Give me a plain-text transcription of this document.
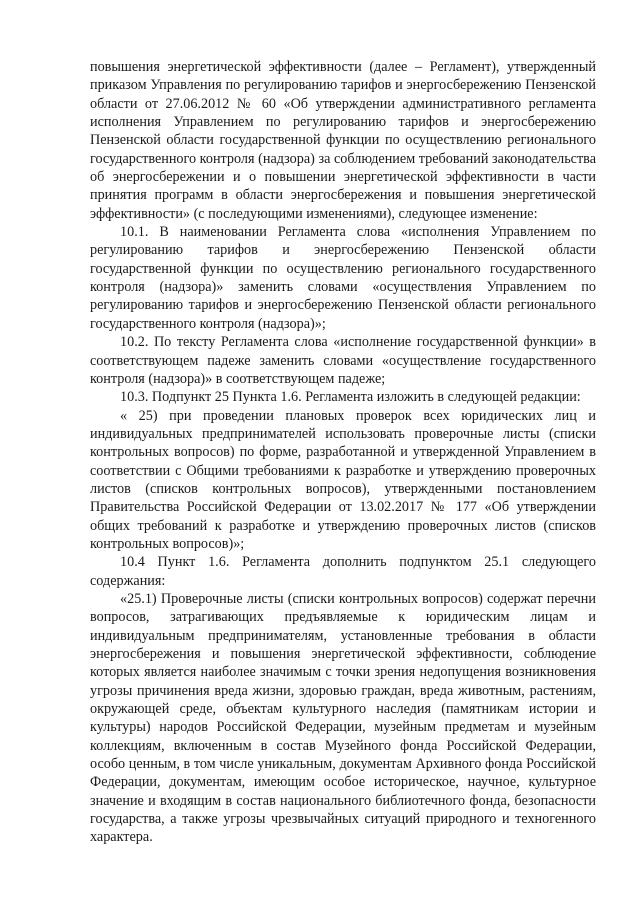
повышения энергетической эффективности (далее – Регламент), утвержденный приказом Управления по регулированию тарифов и энергосбережению Пензенской области от 27.06.2012 № 60 «Об утверждении административного регламента исполнения Управлением по регулированию тарифов и энергосбережению Пензенской области государственной функции по осуществлению регионального государственного контроля (надзора) за соблюдением требований законодательства об энергосбережении и о повышении энергетической эффективности в части принятия программ в области энергосбережения и повышения энергетической эффективности» (с последующими изменениями), следующее изменение:

10.1. В наименовании Регламента слова «исполнения Управлением по регулированию тарифов и энергосбережению Пензенской области государственной функции по осуществлению регионального государственного контроля (надзора)» заменить словами «осуществления Управлением по регулированию тарифов и энергосбережению Пензенской области регионального государственного контроля (надзора)»;

10.2. По тексту Регламента слова «исполнение государственной функции» в соответствующем падеже заменить словами «осуществление государственного контроля (надзора)» в соответствующем падеже;

10.3. Подпункт 25 Пункта 1.6. Регламента изложить в следующей редакции:

« 25) при проведении плановых проверок всех юридических лиц и индивидуальных предпринимателей использовать проверочные листы (списки контрольных вопросов) по форме, разработанной и утвержденной Управлением в соответствии с Общими требованиями к разработке и утверждению проверочных листов (списков контрольных вопросов), утвержденными постановлением Правительства Российской Федерации от 13.02.2017 № 177 «Об утверждении общих требований к разработке и утверждению проверочных листов (списков контрольных вопросов)»;

10.4 Пункт 1.6. Регламента дополнить подпунктом 25.1 следующего содержания:

«25.1) Проверочные листы (списки контрольных вопросов) содержат перечни вопросов, затрагивающих предъявляемые к юридическим лицам и индивидуальным предпринимателям, установленные требования в области энергосбережения и повышения энергетической эффективности, соблюдение которых является наиболее значимым с точки зрения недопущения возникновения угрозы причинения вреда жизни, здоровью граждан, вреда животным, растениям, окружающей среде, объектам культурного наследия (памятникам истории и культуры) народов Российской Федерации, музейным предметам и музейным коллекциям, включенным в состав Музейного фонда Российской Федерации, особо ценным, в том числе уникальным, документам Архивного фонда Российской Федерации, документам, имеющим особое историческое, научное, культурное значение и входящим в состав национального библиотечного фонда, безопасности государства, а также угрозы чрезвычайных ситуаций природного и техногенного характера.
